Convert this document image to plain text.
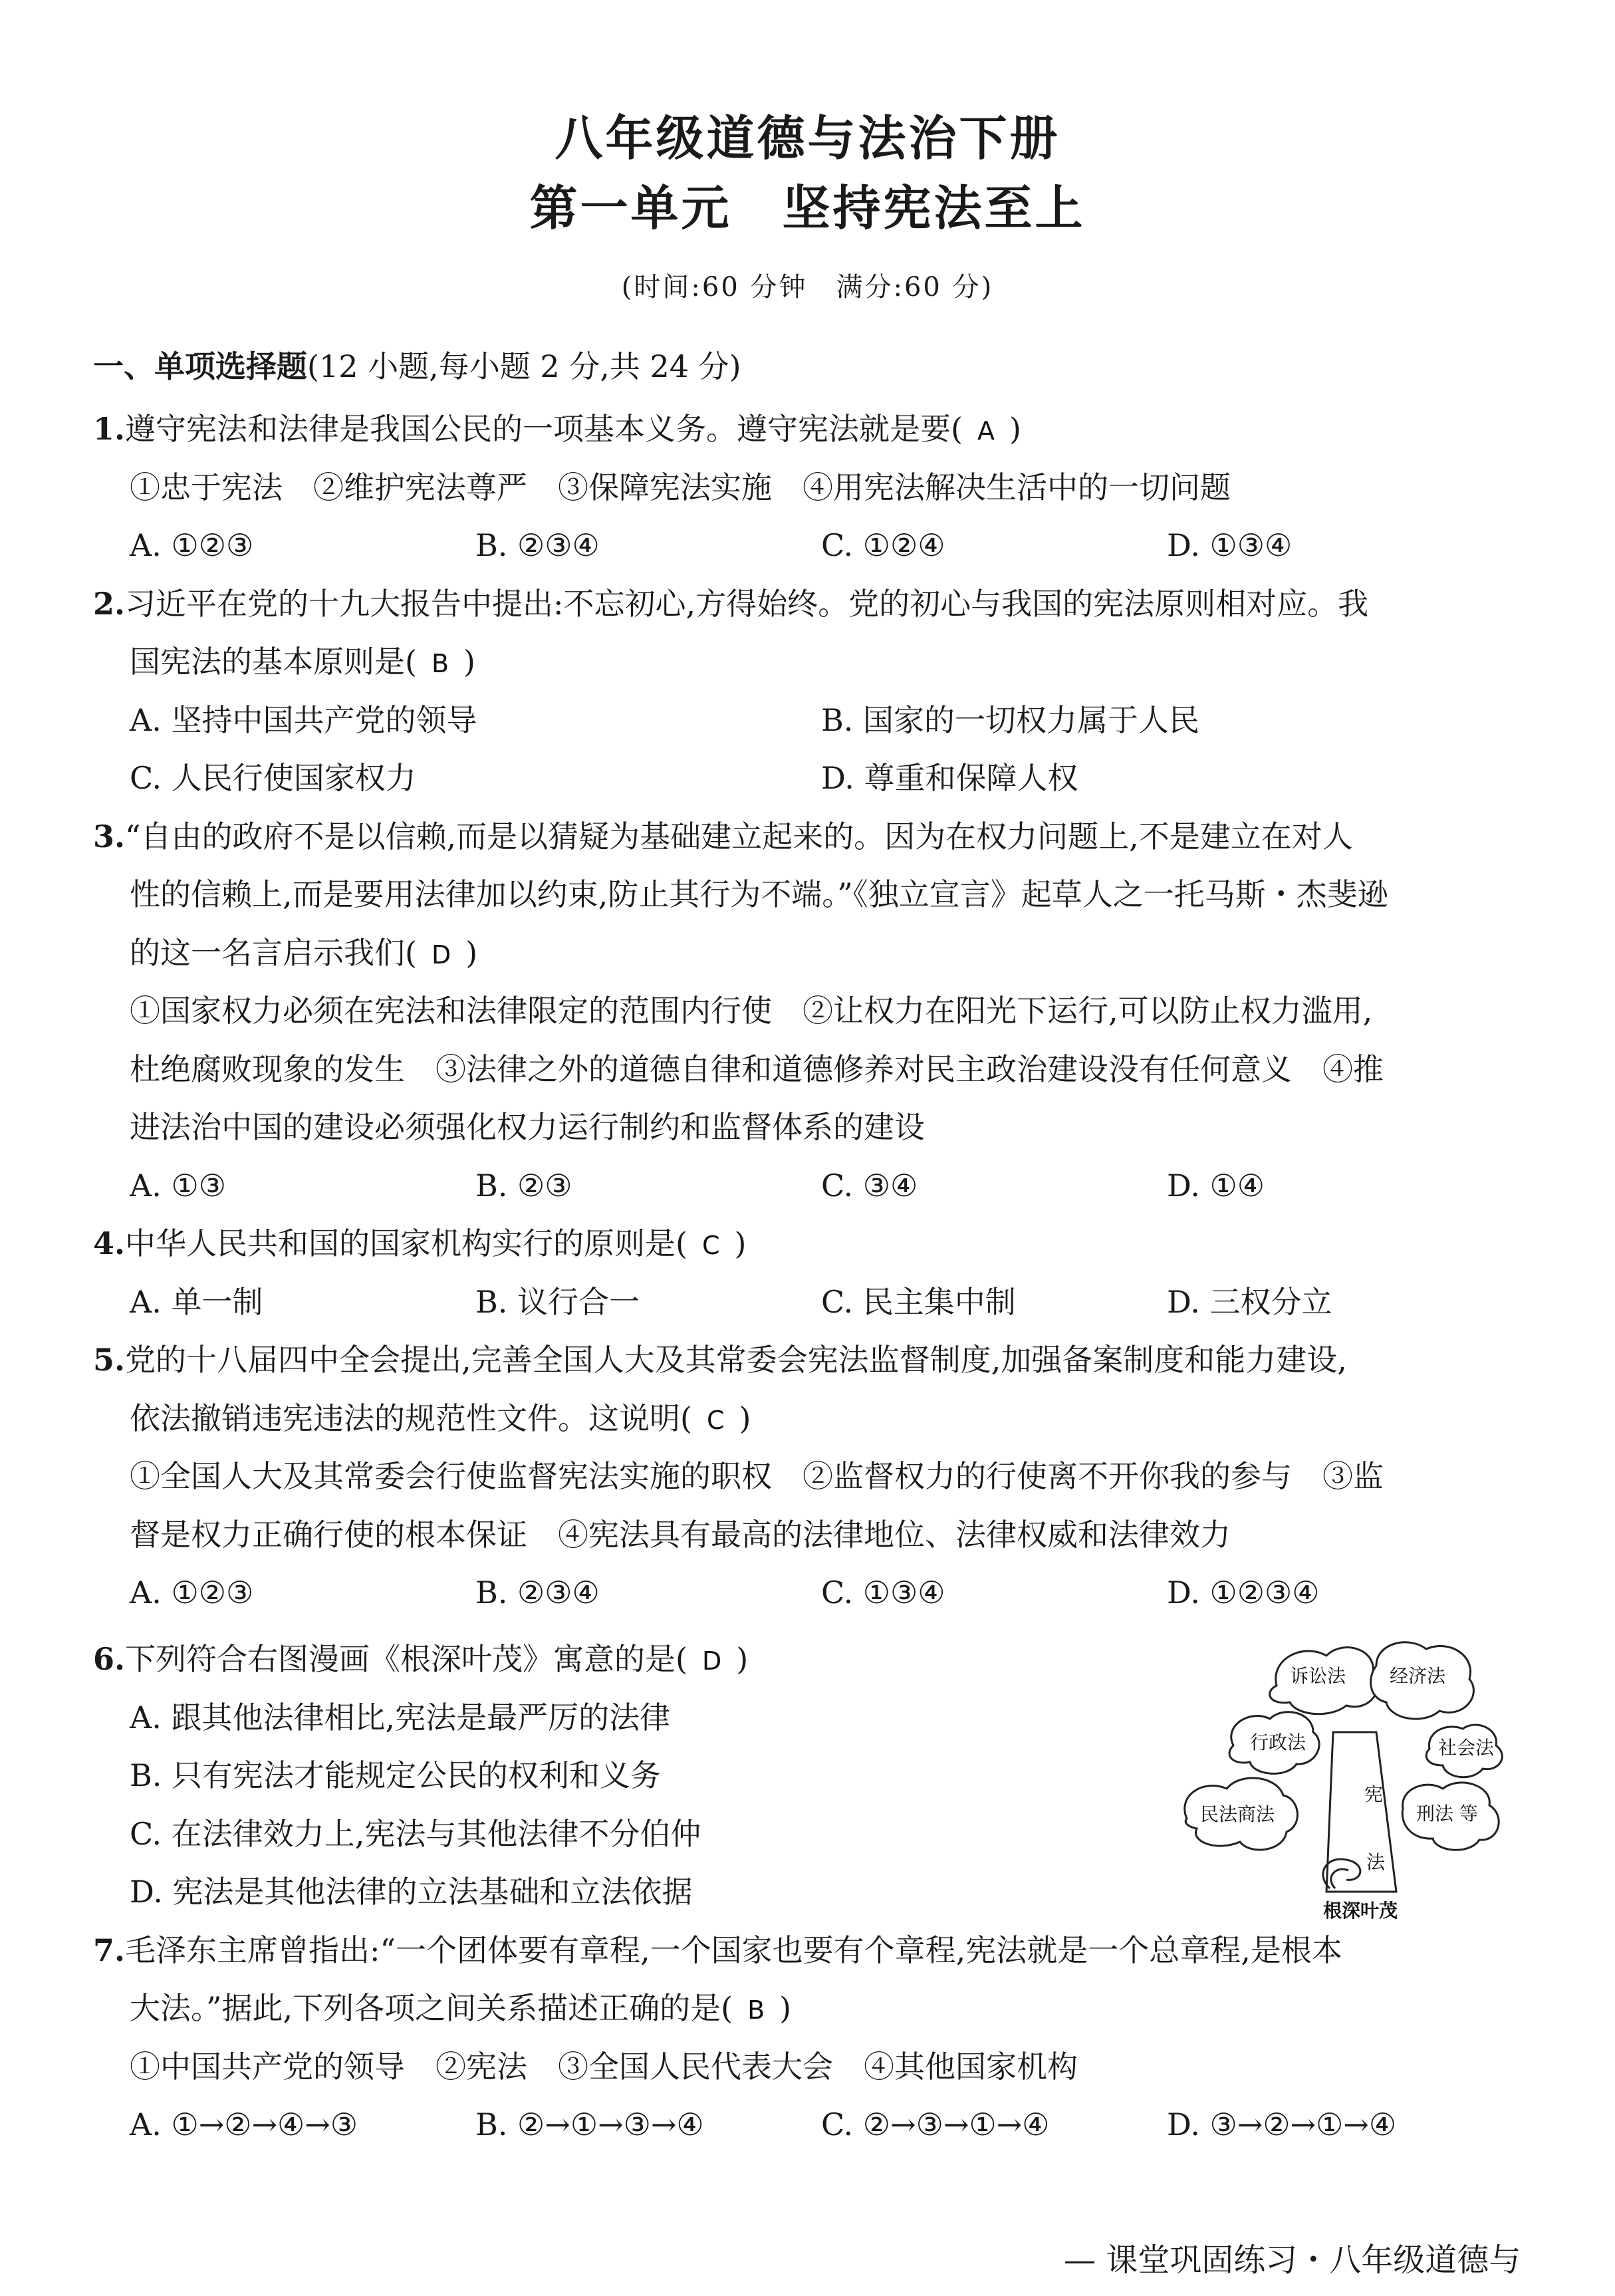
八年级道德与法治下册
第一单元　坚持宪法至上
(时间:60 分钟　满分:60 分)
一、单项选择题(12 小题,每小题 2 分,共 24 分)
1.遵守宪法和法律是我国公民的一项基本义务。遵守宪法就是要( A )
①忠于宪法　②维护宪法尊严　③保障宪法实施　④用宪法解决生活中的一切问题
A. ①②③	B. ②③④	C. ①②④	D. ①③④
2.习近平在党的十九大报告中提出:不忘初心,方得始终。党的初心与我国的宪法原则相对应。我
国宪法的基本原则是( B )
A. 坚持中国共产党的领导	B. 国家的一切权力属于人民
C. 人民行使国家权力	D. 尊重和保障人权
3.“自由的政府不是以信赖,而是以猜疑为基础建立起来的。因为在权力问题上,不是建立在对人
性的信赖上,而是要用法律加以约束,防止其行为不端。”《独立宣言》起草人之一托马斯・杰斐逊
的这一名言启示我们( D )
①国家权力必须在宪法和法律限定的范围内行使　②让权力在阳光下运行,可以防止权力滥用,
杜绝腐败现象的发生　③法律之外的道德自律和道德修养对民主政治建设没有任何意义　④推
进法治中国的建设必须强化权力运行制约和监督体系的建设
A. ①③	B. ②③	C. ③④	D. ①④
4.中华人民共和国的国家机构实行的原则是( C )
A. 单一制	B. 议行合一	C. 民主集中制	D. 三权分立
5.党的十八届四中全会提出,完善全国人大及其常委会宪法监督制度,加强备案制度和能力建设,
依法撤销违宪违法的规范性文件。这说明( C )
①全国人大及其常委会行使监督宪法实施的职权　②监督权力的行使离不开你我的参与　③监
督是权力正确行使的根本保证　④宪法具有最高的法律地位、法律权威和法律效力
A. ①②③	B. ②③④	C. ①③④	D. ①②③④
6.下列符合右图漫画《根深叶茂》寓意的是( D )
A. 跟其他法律相比,宪法是最严厉的法律
B. 只有宪法才能规定公民的权利和义务
C. 在法律效力上,宪法与其他法律不分伯仲
D. 宪法是其他法律的立法基础和立法依据
诉讼法 经济法
行政法	社会法
民法商法	刑法 等
宪
法
根深叶茂
7.毛泽东主席曾指出:“一个团体要有章程,一个国家也要有个章程,宪法就是一个总章程,是根本
大法。”据此,下列各项之间关系描述正确的是( B )
①中国共产党的领导　②宪法　③全国人民代表大会　④其他国家机构
A. ①→②→④→③	B. ②→①→③→④	C. ②→③→①→④	D. ③→②→①→④
— 课堂巩固练习・八年级道德与
